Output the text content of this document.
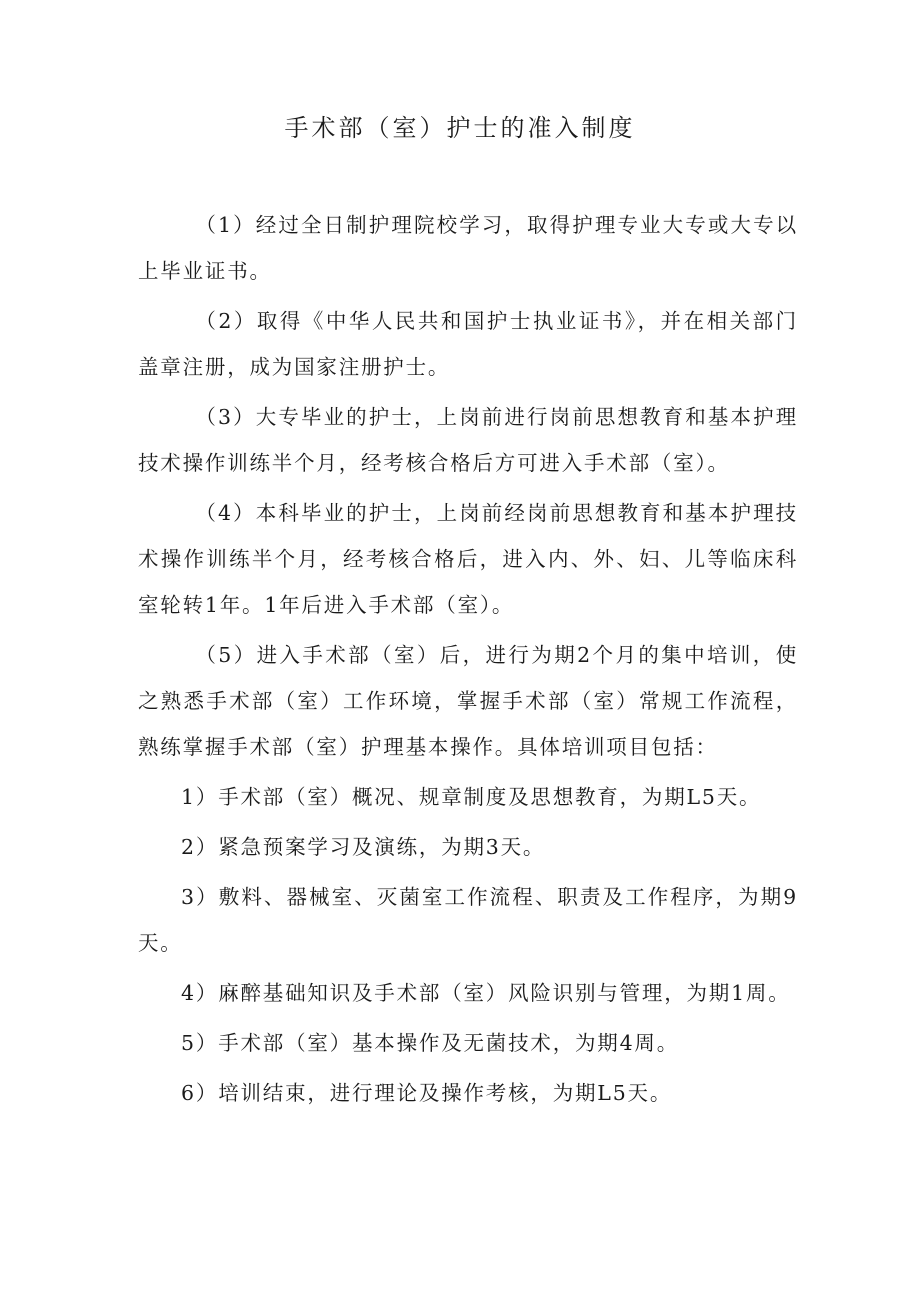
手术部（室）护士的准入制度

（1）经过全日制护理院校学习，取得护理专业大专或大专以上毕业证书。

（2）取得《中华人民共和国护士执业证书》，并在相关部门盖章注册，成为国家注册护士。

（3）大专毕业的护士，上岗前进行岗前思想教育和基本护理技术操作训练半个月，经考核合格后方可进入手术部（室）。

（4）本科毕业的护士，上岗前经岗前思想教育和基本护理技术操作训练半个月，经考核合格后，进入内、外、妇、儿等临床科室轮转1年。1年后进入手术部（室）。

（5）进入手术部（室）后，进行为期2个月的集中培训，使之熟悉手术部（室）工作环境，掌握手术部（室）常规工作流程，熟练掌握手术部（室）护理基本操作。具体培训项目包括：

1）手术部（室）概况、规章制度及思想教育，为期L5天。

2）紧急预案学习及演练，为期3天。

3）敷料、器械室、灭菌室工作流程、职责及工作程序，为期9天。

4）麻醉基础知识及手术部（室）风险识别与管理，为期1周。

5）手术部（室）基本操作及无菌技术，为期4周。

6）培训结束，进行理论及操作考核，为期L5天。
